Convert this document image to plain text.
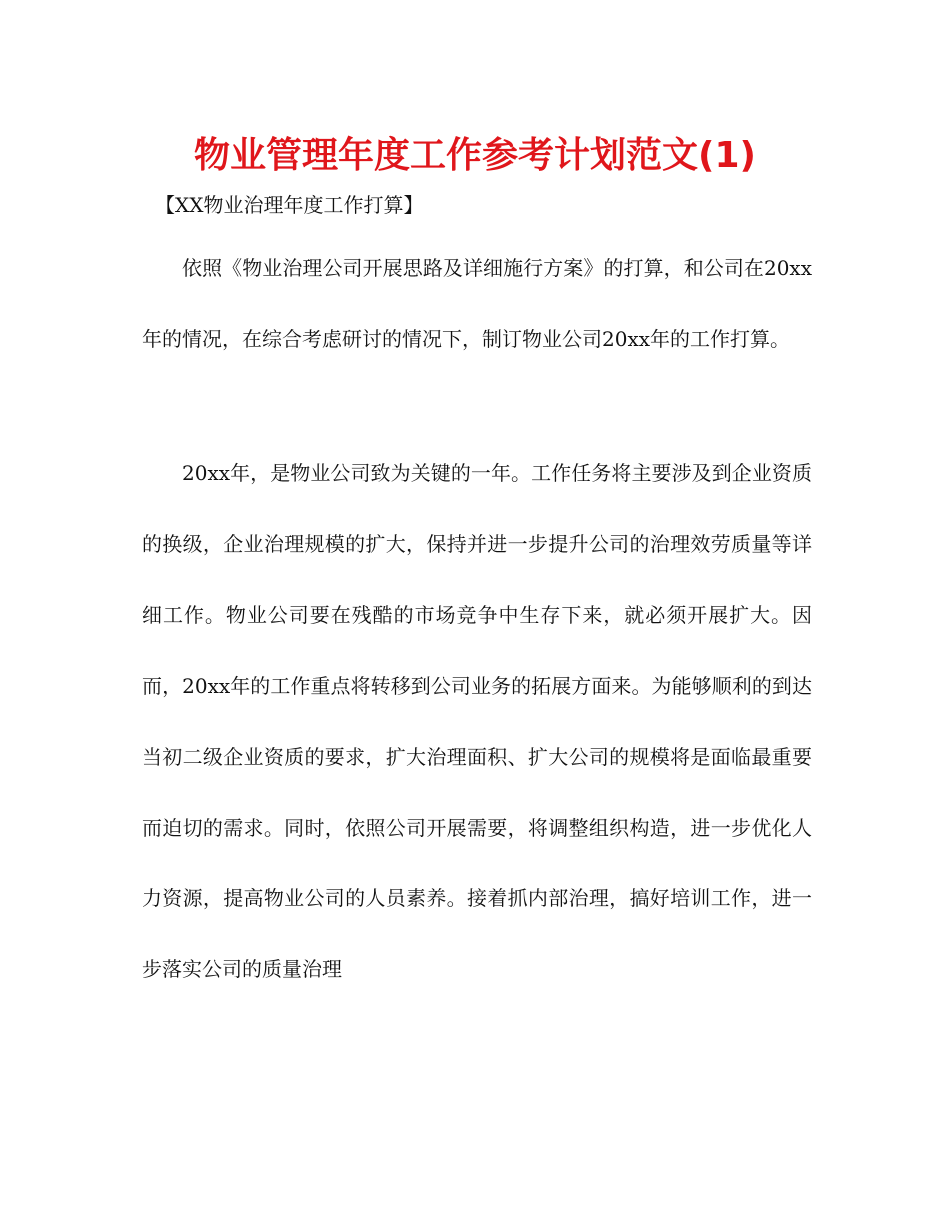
物业管理年度工作参考计划范文(1)
【XX物业治理年度工作打算】

依照《物业治理公司开展思路及详细施行方案》的打算，和公司在20xx年的情况，在综合考虑研讨的情况下，制订物业公司20xx年的工作打算。

20xx年，是物业公司致为关键的一年。工作任务将主要涉及到企业资质的换级，企业治理规模的扩大，保持并进一步提升公司的治理效劳质量等详细工作。物业公司要在残酷的市场竞争中生存下来，就必须开展扩大。因而，20xx年的工作重点将转移到公司业务的拓展方面来。为能够顺利的到达当初二级企业资质的要求，扩大治理面积、扩大公司的规模将是面临最重要而迫切的需求。同时，依照公司开展需要，将调整组织构造，进一步优化人力资源，提高物业公司的人员素养。接着抓内部治理，搞好培训工作，进一步落实公司的质量治理
